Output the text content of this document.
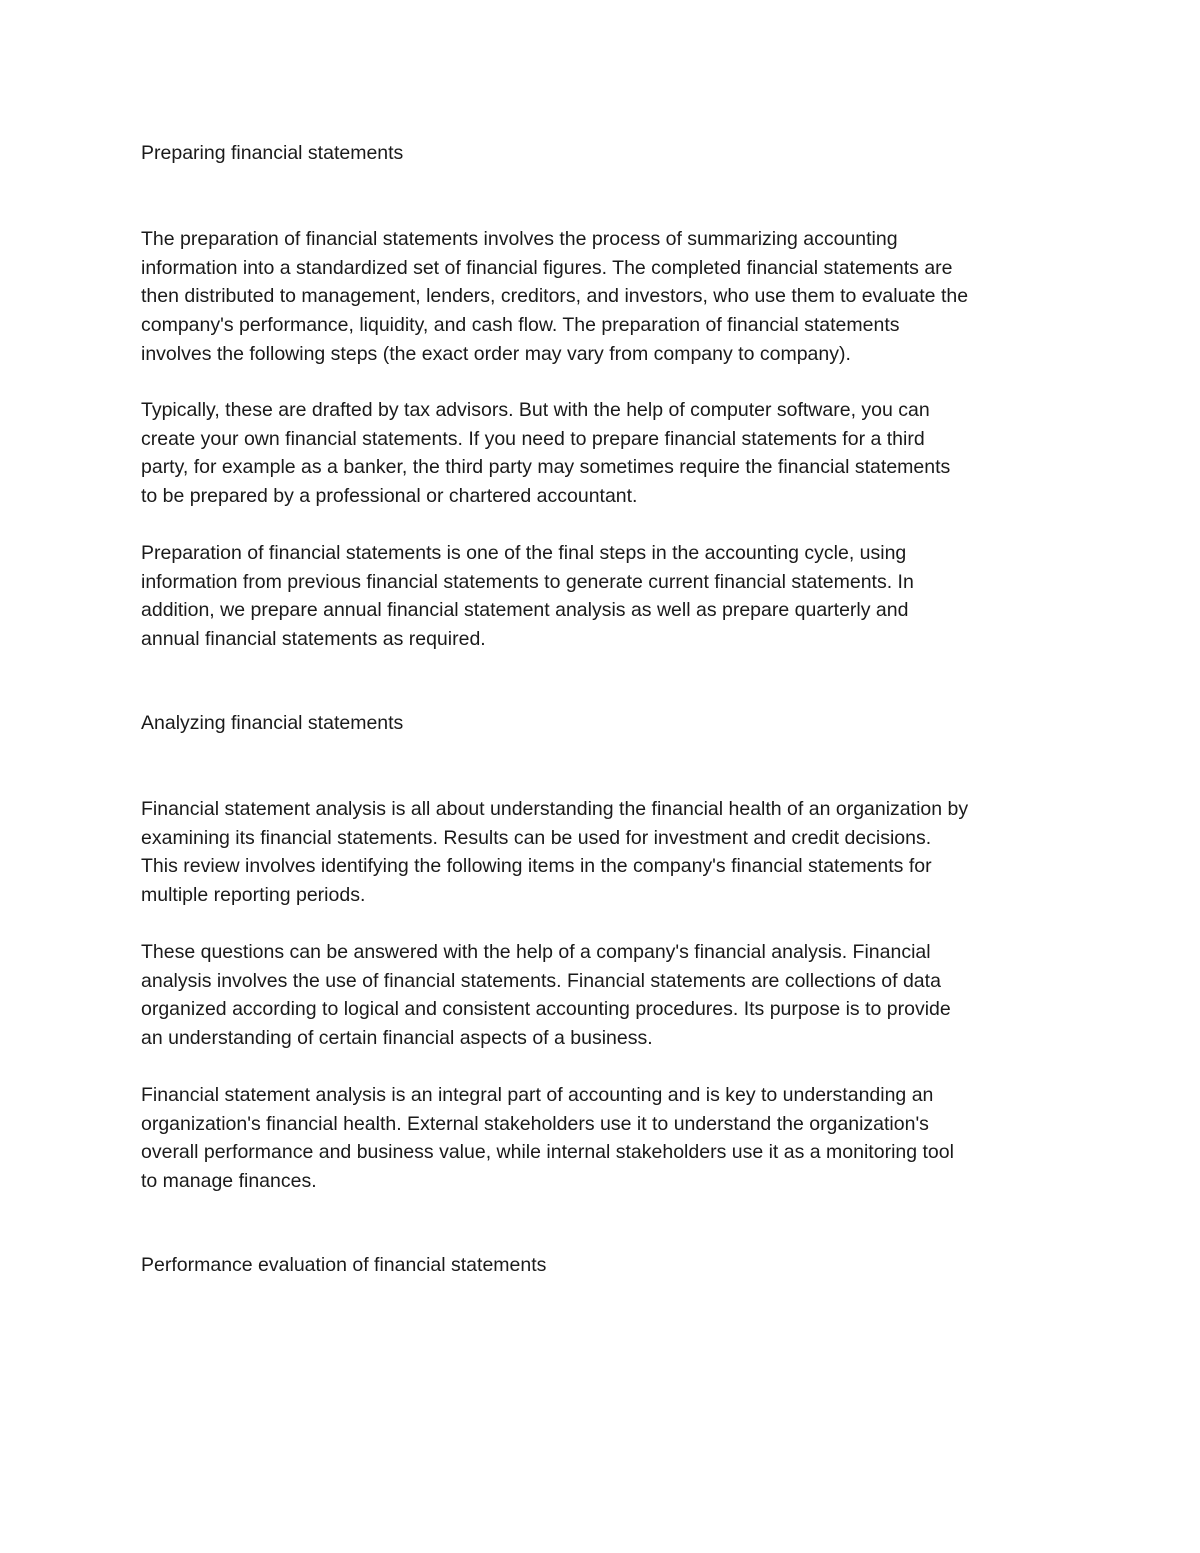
Preparing financial statements

The preparation of financial statements involves the process of summarizing accounting
information into a standardized set of financial figures. The completed financial statements are
then distributed to management, lenders, creditors, and investors, who use them to evaluate the
company's performance, liquidity, and cash flow. The preparation of financial statements
involves the following steps (the exact order may vary from company to company).
Typically, these are drafted by tax advisors. But with the help of computer software, you can
create your own financial statements. If you need to prepare financial statements for a third
party, for example as a banker, the third party may sometimes require the financial statements
to be prepared by a professional or chartered accountant.
Preparation of financial statements is one of the final steps in the accounting cycle, using
information from previous financial statements to generate current financial statements. In
addition, we prepare annual financial statement analysis as well as prepare quarterly and
annual financial statements as required.

Analyzing financial statements

Financial statement analysis is all about understanding the financial health of an organization by
examining its financial statements. Results can be used for investment and credit decisions.
This review involves identifying the following items in the company's financial statements for
multiple reporting periods.
These questions can be answered with the help of a company's financial analysis. Financial
analysis involves the use of financial statements. Financial statements are collections of data
organized according to logical and consistent accounting procedures. Its purpose is to provide
an understanding of certain financial aspects of a business.
Financial statement analysis is an integral part of accounting and is key to understanding an
organization's financial health. External stakeholders use it to understand the organization's
overall performance and business value, while internal stakeholders use it as a monitoring tool
to manage finances.

Performance evaluation of financial statements
